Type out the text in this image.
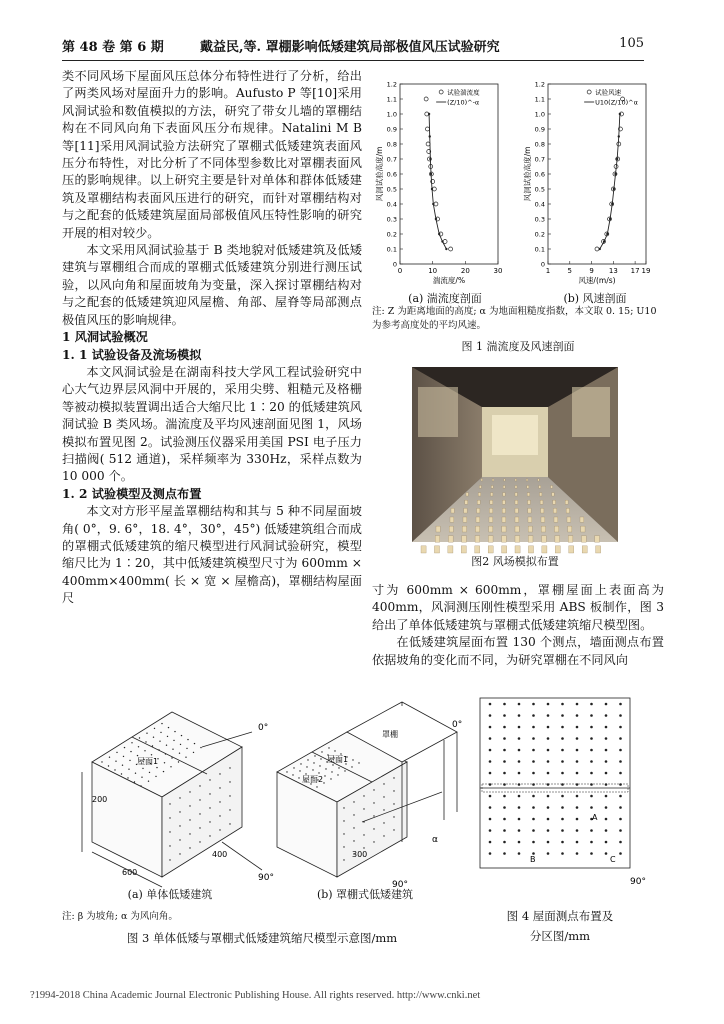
第 48 卷 第 6 期	戴益民,等. 罩棚影响低矮建筑局部极值风压试验研究	105

类不同风场下屋面风压总体分布特性进行了分析，给出了两类风场对屋面升力的影响。Aufusto P 等[10]采用风洞试验和数值模拟的方法，研究了带女儿墙的罩棚结构在不同风向角下表面风压分布规律。Natalini M B 等[11]采用风洞试验方法研究了罩棚式低矮建筑表面风压分布特性，对比分析了不同体型参数比对罩棚表面风压的影响规律。以上研究主要是针对单体和群体低矮建筑及罩棚结构表面风压进行的研究，而针对罩棚结构对与之配套的低矮建筑屋面局部极值风压特性影响的研究开展的相对较少。

本文采用风洞试验基于 B 类地貌对低矮建筑及低矮建筑与罩棚组合而成的罩棚式低矮建筑分别进行测压试验，以风向角和屋面坡角为变量，深入探讨罩棚结构对与之配套的低矮建筑迎风屋檐、角部、屋脊等局部测点极值风压的影响规律。

1 风洞试验概况

1. 1 试验设备及流场模拟

本文风洞试验是在湖南科技大学风工程试验研究中心大气边界层风洞中开展的，采用尖劈、粗糙元及格栅等被动模拟装置调出适合大缩尺比 1∶20 的低矮建筑风洞试验 B 类风场。湍流度及平均风速剖面见图 1，风场模拟布置见图 2。试验测压仪器采用美国 PSI 电子压力扫描阀( 512 通道)，采样频率为 330Hz，采样点数为 10 000 个。

1. 2 试验模型及测点布置

本文对方形平屋盖罩棚结构和其与 5 种不同屋面坡角( 0°，9. 6°，18. 4°，30°，45°) 低矮建筑组合而成的罩棚式低矮建筑的缩尺模型进行风洞试验研究，模型缩尺比为 1∶20，其中低矮建筑模型尺寸为 600mm × 400mm×400mm( 长 × 宽 × 屋檐高)，罩棚结构屋面尺

0
0.1
0.2
0.3
0.4
0.5
0.6
0.7
0.8
0.9
1.0
1.1
1.2
0	10	20	30
湍流度/%
风洞试验高度/m
试验湍流度
(Z/10)^-α
0
0.1
0.2
0.3
0.4
0.5
0.6
0.7
0.8
0.9
1.0
1.1
1.2
1 5 9 13 17 19
风速/(m/s)
风洞试验高度/m
试验风速
U10(Z/10)^α
(a) 湍流度剖面	(b) 风速剖面
注: Z 为距离地面的高度; α 为地面粗糙度指数，本文取 0. 15; U10为参考高度处的平均风速。
图 1 湍流度及风速剖面
图2 风场模拟布置

寸为 600mm × 600mm，罩棚屋面上表面高为 400mm，风洞测压刚性模型采用 ABS 板制作，图 3 给出了单体低矮建筑与罩棚式低矮建筑缩尺模型图。

在低矮建筑屋面布置 130 个测点，墙面测点布置依据坡角的变化而不同，为研究罩棚在不同风向

0°
90°
屋面1
200
600
400
屋面1
屋面2
罩棚
0°
α
90°
300
(a) 单体低矮建筑	(b) 罩棚式低矮建筑
注: β 为坡角; α 为风向角。
图 3 单体低矮与罩棚式低矮建筑缩尺模型示意图/mm
A
B	C
90°
图 4 屋面测点布置及
分区图/mm
?1994-2018 China Academic Journal Electronic Publishing House. All rights reserved. http://www.cnki.net
